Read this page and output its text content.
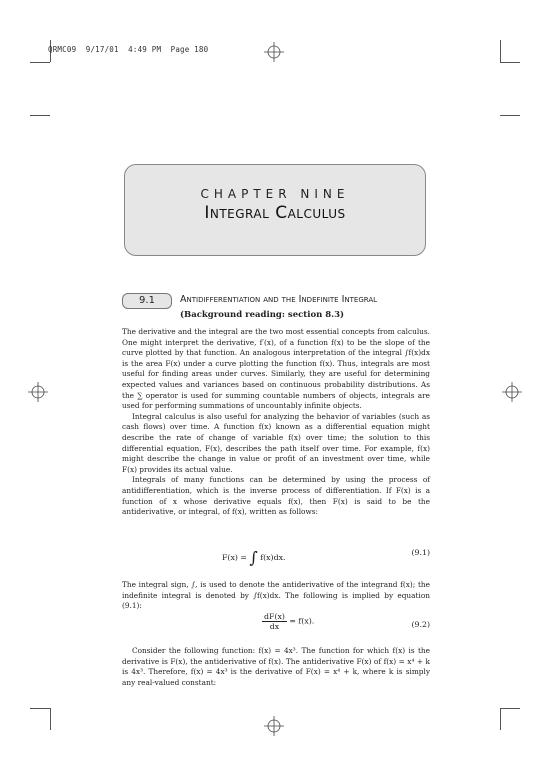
QRMC09  9/17/01  4:49 PM  Page 180
CHAPTER NINE
Integral Calculus
9.1	Antidifferentiation and the Indefinite Integral
(Background reading: section 8.3)

The derivative and the integral are the two most essential concepts from calculus. One might interpret the derivative, f′(x), of a function f(x) to be the slope of the curve plotted by that function. An analogous interpretation of the integral ∫f(x)dx is the area F(x) under a curve plotting the function f(x). Thus, integrals are most useful for finding areas under curves. Similarly, they are useful for determining expected values and variances based on continuous probability distributions. As the ∑ operator is used for summing countable numbers of objects, integrals are used for performing summations of uncountably infinite objects.

Integral calculus is also useful for analyzing the behavior of variables (such as cash flows) over time. A function f(x) known as a differential equation might describe the rate of change of variable f(x) over time; the solution to this differential equation, F(x), describes the path itself over time. For example, f(x) might describe the change in value or profit of an investment over time, while F(x) provides its actual value.

Integrals of many functions can be determined by using the process of antidifferentiation, which is the inverse process of differentiation. If F(x) is a function of x whose derivative equals f(x), then F(x) is said to be the antiderivative, or integral, of f(x), written as follows:

F(x) = ∫ f(x)dx.
(9.1)

The integral sign, ∫, is used to denote the antiderivative of the integrand f(x); the indefinite integral is denoted by ∫f(x)dx. The following is implied by equation (9.1):

$\frac{dF(x)}{dx} = f(x)$.	(9.2)

Consider the following function: f(x) = 4x³. The function for which f(x) is the derivative is F(x), the antiderivative of f(x). The antiderivative F(x) of f(x) = x⁴ + k is 4x³. Therefore, f(x) = 4x³ is the derivative of F(x) = x⁴ + k, where k is simply any real-valued constant:
